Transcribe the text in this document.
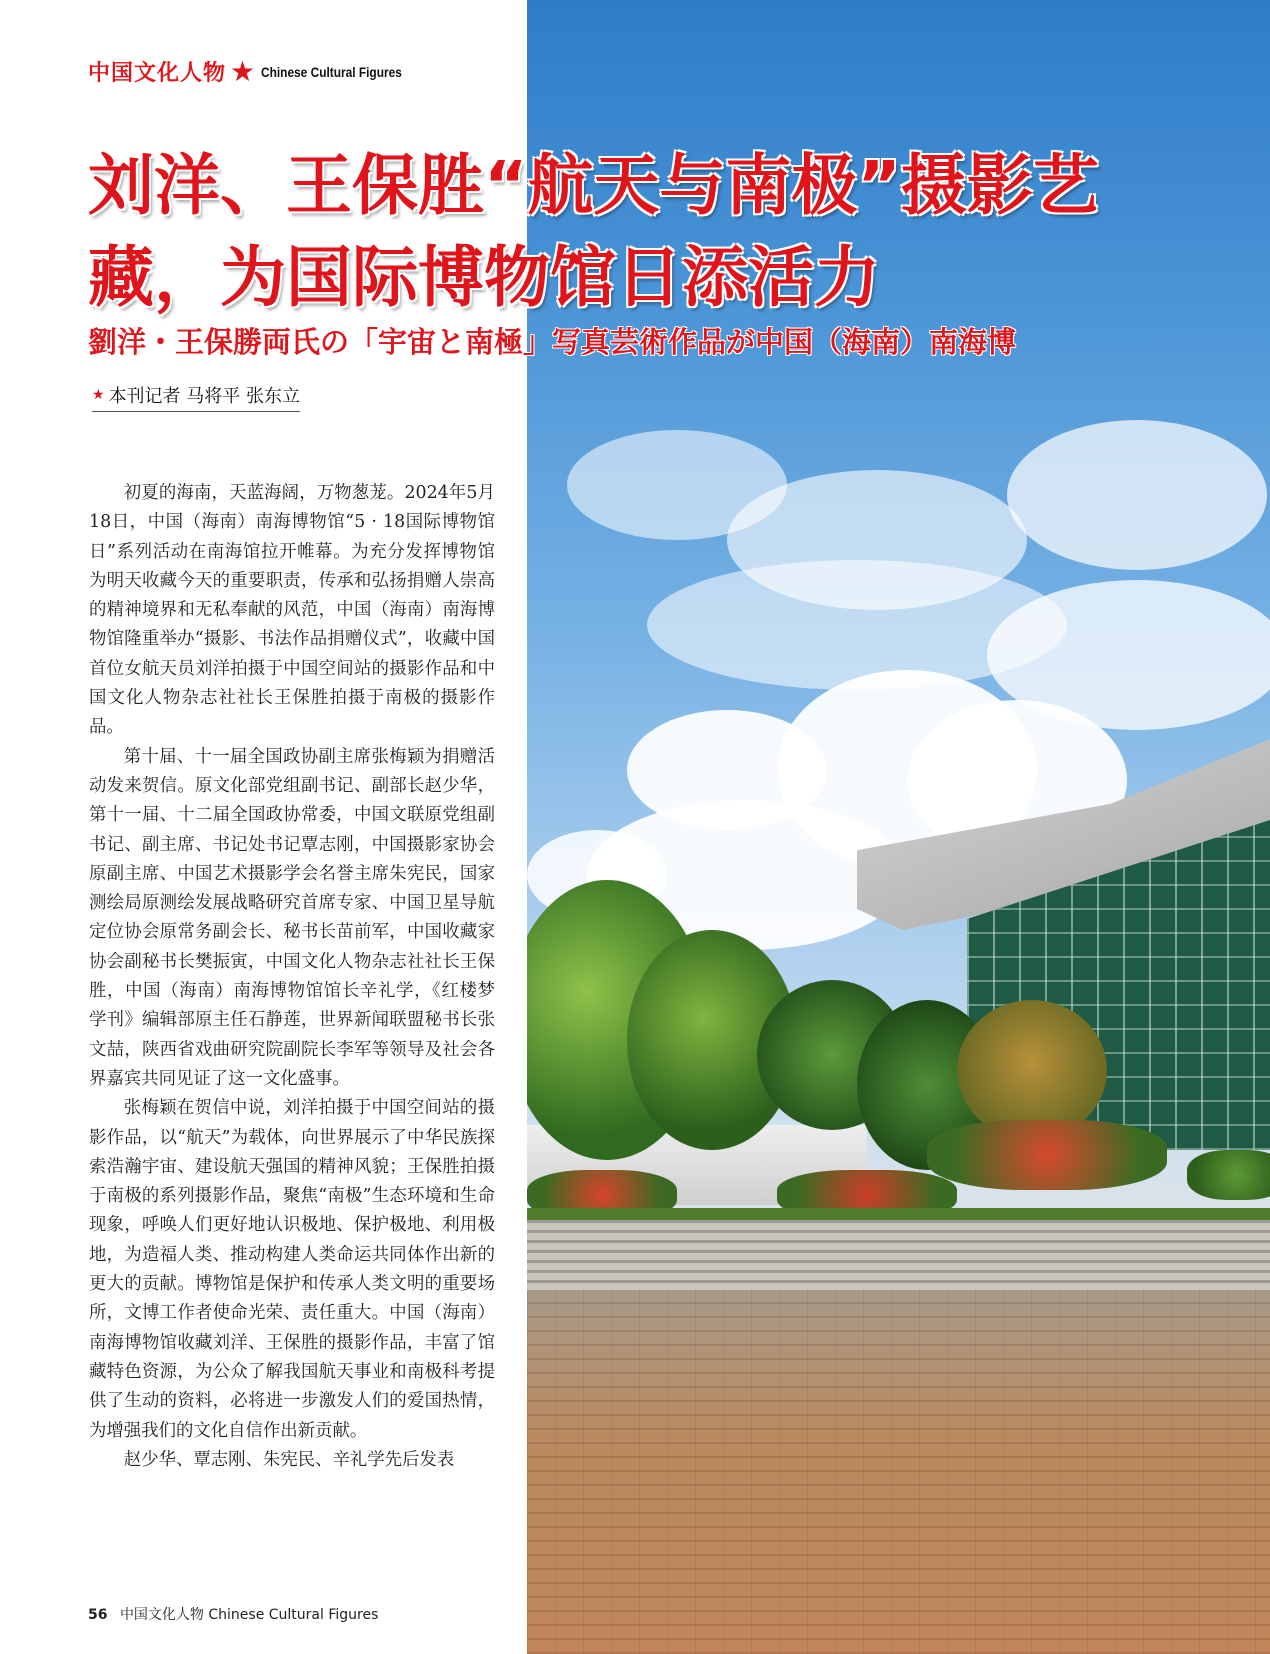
中国文化人物 ★ Chinese Cultural Figures
刘洋、王保胜“航天与南极”摄影艺
藏，为国际博物馆日添活力
劉洋・王保勝両氏の「宇宙と南極」写真芸術作品が中国（海南）南海博
★ 本刊记者 马将平 张东立

初夏的海南，天蓝海阔，万物葱茏。2024年5月18日，中国（海南）南海博物馆“5 · 18国际博物馆日”系列活动在南海馆拉开帷幕。为充分发挥博物馆为明天收藏今天的重要职责，传承和弘扬捐赠人崇高的精神境界和无私奉献的风范，中国（海南）南海博物馆隆重举办“摄影、书法作品捐赠仪式”，收藏中国首位女航天员刘洋拍摄于中国空间站的摄影作品和中国文化人物杂志社社长王保胜拍摄于南极的摄影作品。

第十届、十一届全国政协副主席张梅颖为捐赠活动发来贺信。原文化部党组副书记、副部长赵少华，第十一届、十二届全国政协常委，中国文联原党组副书记、副主席、书记处书记覃志刚，中国摄影家协会原副主席、中国艺术摄影学会名誉主席朱宪民，国家测绘局原测绘发展战略研究首席专家、中国卫星导航定位协会原常务副会长、秘书长苗前军，中国收藏家协会副秘书长樊振寅，中国文化人物杂志社社长王保胜，中国（海南）南海博物馆馆长辛礼学，《红楼梦学刊》编辑部原主任石静莲，世界新闻联盟秘书长张文喆，陕西省戏曲研究院副院长李军等领导及社会各界嘉宾共同见证了这一文化盛事。

张梅颖在贺信中说，刘洋拍摄于中国空间站的摄影作品，以“航天”为载体，向世界展示了中华民族探索浩瀚宇宙、建设航天强国的精神风貌；王保胜拍摄于南极的系列摄影作品，聚焦“南极”生态环境和生命现象，呼唤人们更好地认识极地、保护极地、利用极地，为造福人类、推动构建人类命运共同体作出新的更大的贡献。博物馆是保护和传承人类文明的重要场所，文博工作者使命光荣、责任重大。中国（海南）南海博物馆收藏刘洋、王保胜的摄影作品，丰富了馆藏特色资源，为公众了解我国航天事业和南极科考提供了生动的资料，必将进一步激发人们的爱国热情，为增强我们的文化自信作出新贡献。

赵少华、覃志刚、朱宪民、辛礼学先后发表

56 中国文化人物 Chinese Cultural Figures
